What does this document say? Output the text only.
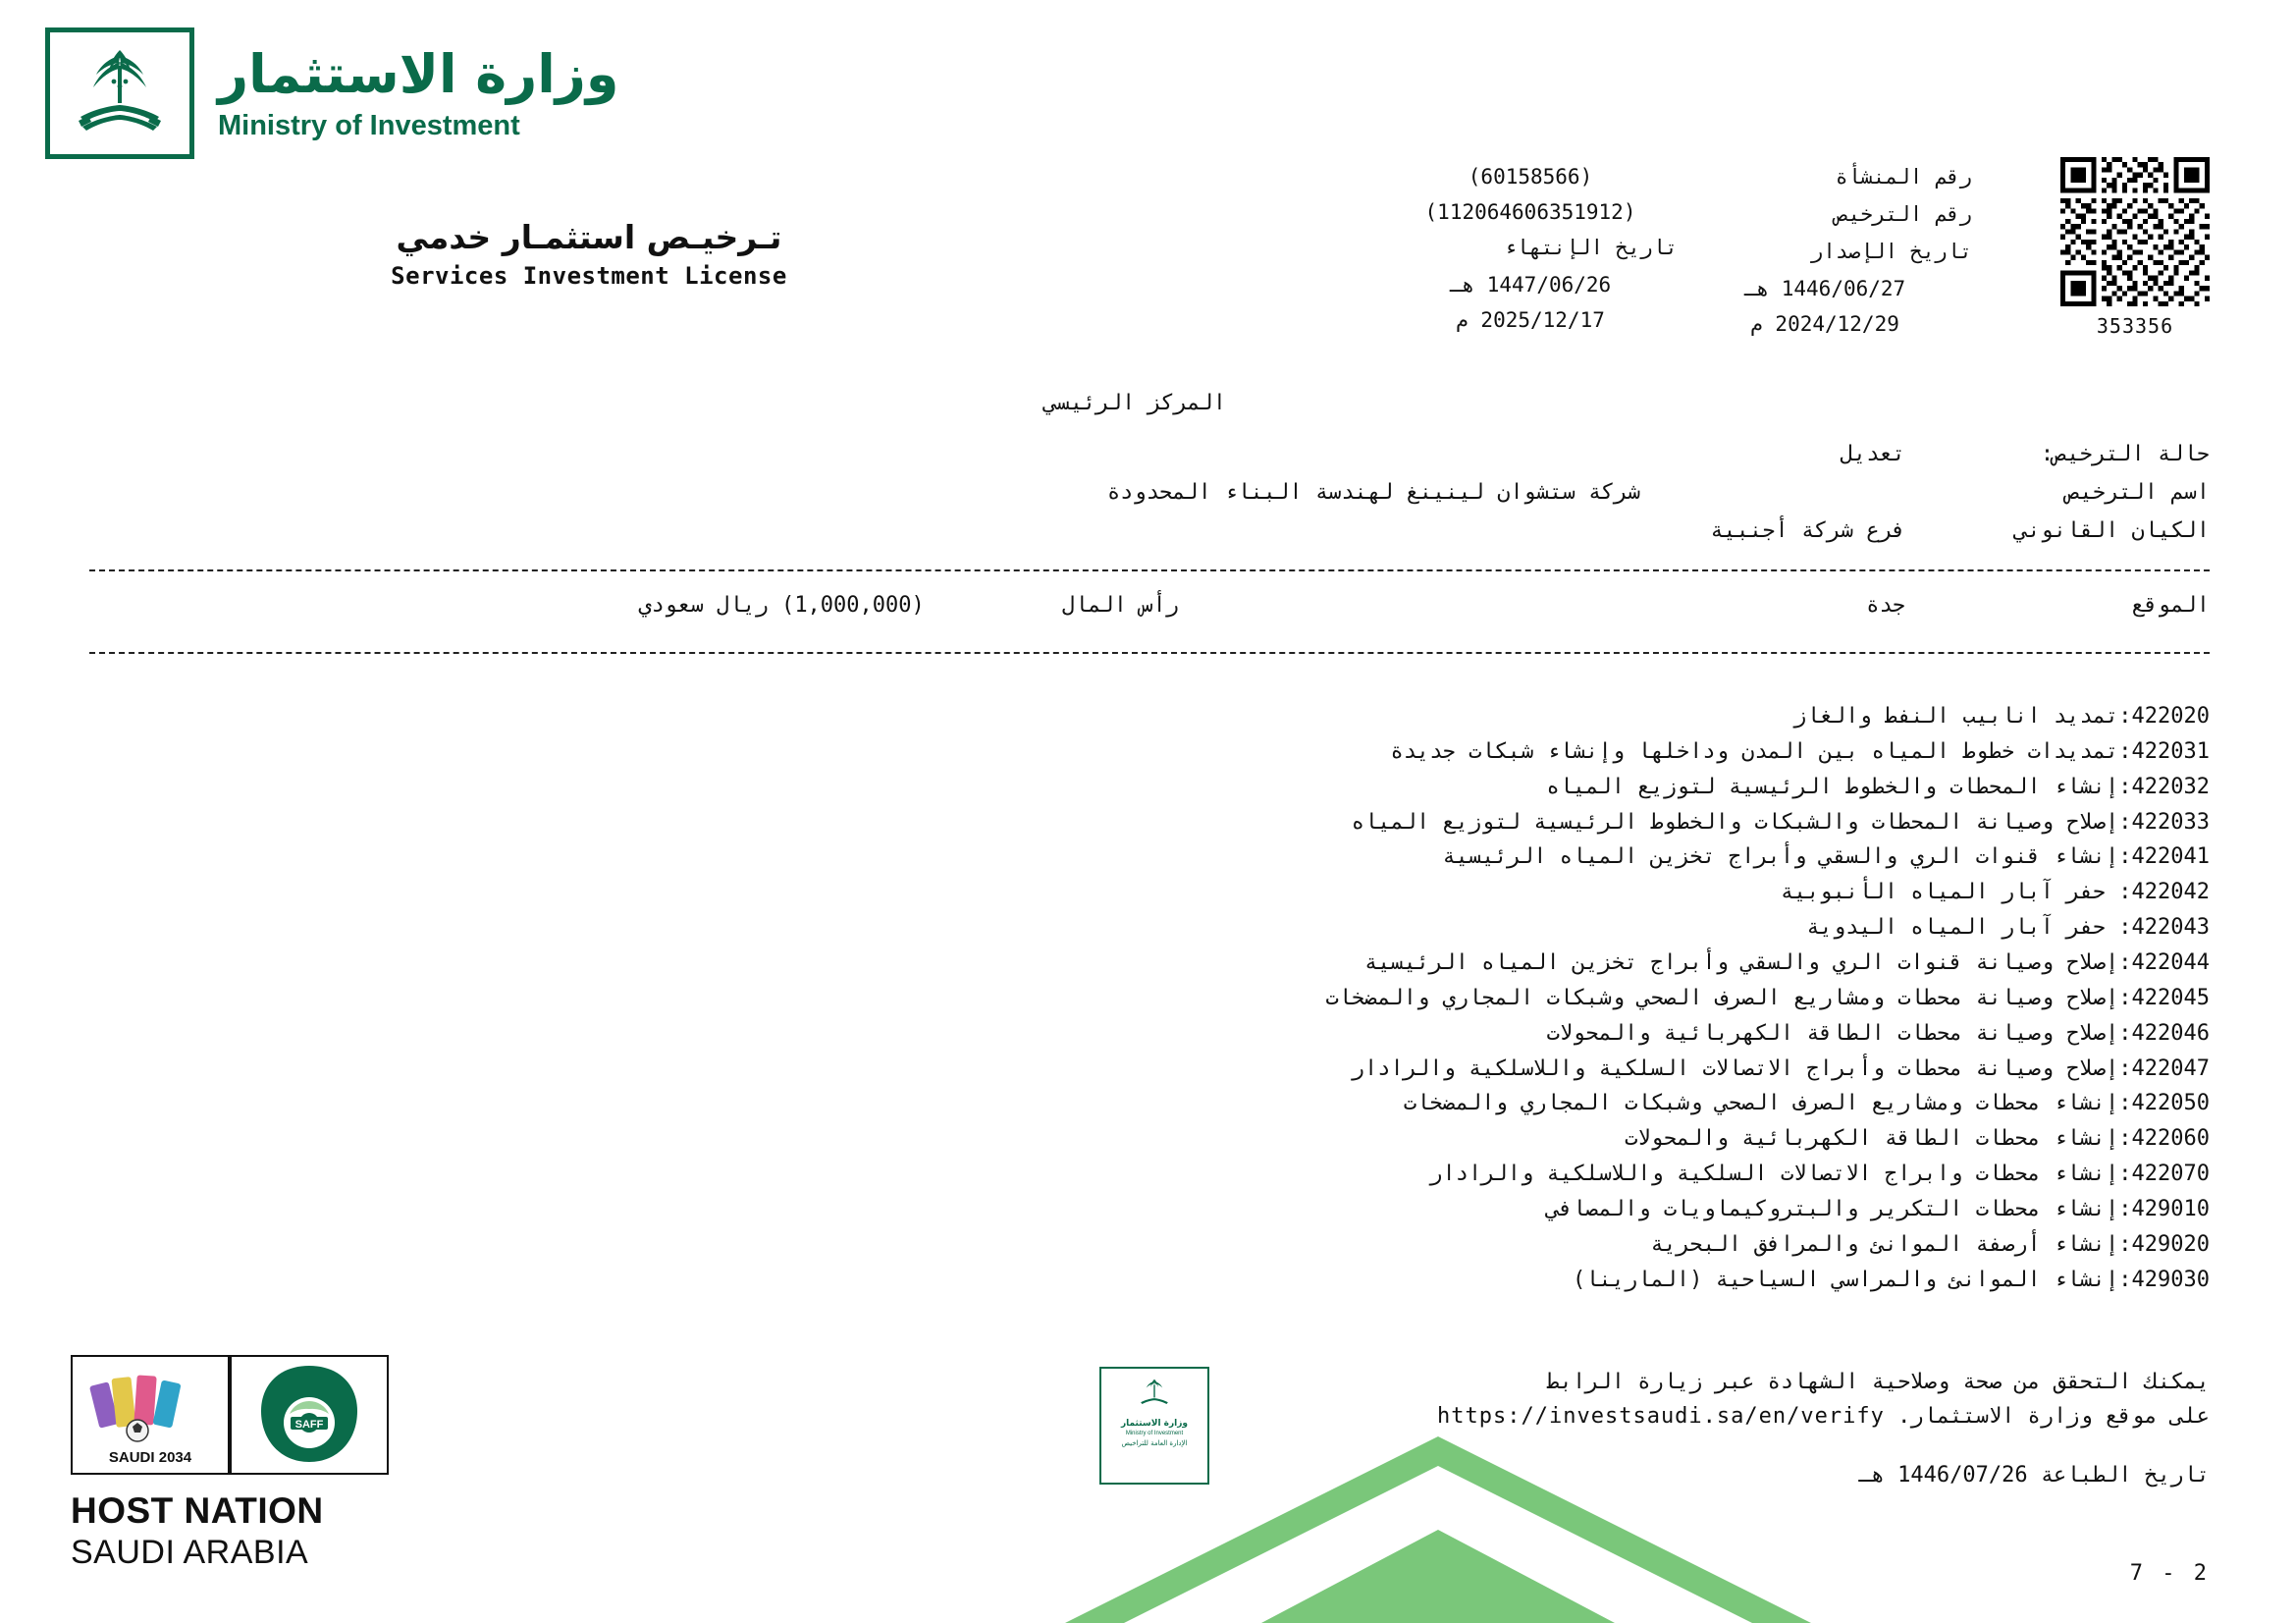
وزارة الاستثمار
Ministry of Investment
تـرخيـص استثمـار خدمي
Services Investment License
رقم المنشأة
رقم الترخيص
تاريخ الإصدار
1446/06/27 هـ
2024/12/29 م
(60158566)
(112064606351912)
تاريخ الإنتهاء
1447/06/26 هـ
2025/12/17 م	353356
المركز الرئيسي
حالة الترخيص:
تعديل
اسم الترخيص
شركة ستشوان لينينغ لهندسة البناء المحدودة
الكيان القانوني
فرع شركة أجنبية
الموقع
جدة
رأس المال
(1,000,000) ريال سعودي
422020:تمديد انابيب النفط والغاز
422031:تمديدات خطوط المياه بين المدن وداخلها وإنشاء شبكات جديدة
422032:إنشاء المحطات والخطوط الرئيسية لتوزيع المياه
422033:إصلاح وصيانة المحطات والشبكات والخطوط الرئيسية لتوزيع المياه
422041:إنشاء قنوات الري والسقي وأبراج تخزين المياه الرئيسية
422042: حفر آبار المياه الأنبوبية
422043: حفر آبار المياه اليدوية
422044:إصلاح وصيانة قنوات الري والسقي وأبراج تخزين المياه الرئيسية
422045:إصلاح وصيانة محطات ومشاريع الصرف الصحي وشبكات المجاري والمضخات
422046:إصلاح وصيانة محطات الطاقة الكهربائية والمحولات
422047:إصلاح وصيانة محطات وأبراج الاتصالات السلكية واللاسلكية والرادار
422050:إنشاء محطات ومشاريع الصرف الصحي وشبكات المجاري والمضخات
422060:إنشاء محطات الطاقة الكهربائية والمحولات
422070:إنشاء محطات وابراج الاتصالات السلكية واللاسلكية والرادار
429010:إنشاء محطات التكرير والبتروكيماويات والمصافي
429020:إنشاء أرصفة الموانئ والمرافق البحرية
429030:إنشاء الموانئ والمراسي السياحية (المارينا)
يمكنك التحقق من صحة وصلاحية الشهادة عبر زيارة الرابط
على موقع وزارة الاستثمار. https://investsaudi.sa/en/verify
تاريخ الطباعة 1446/07/26 هـ
2 - 7
وزارة الاستثمار
Ministry of Investment
الإدارة العامة للتراخيص
SAUDI 2034
SAFF
HOST NATION
SAUDI ARABIA
